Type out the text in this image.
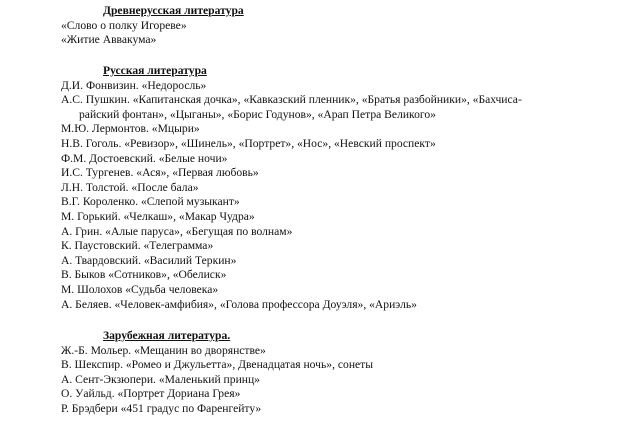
Древнерусская литература
«Слово о полку Игореве»
«Житие Аввакума»
Русская литература
Д.И. Фонвизин. «Недоросль»
А.С. Пушкин. «Капитанская дочка», «Кавказский пленник», «Братья разбойники», «Бахчиса-
райский фонтан», «Цыганы», «Борис Годунов», «Арап Петра Великого»
М.Ю. Лермонтов. «Мцыри»
Н.В. Гоголь. «Ревизор», «Шинель», «Портрет», «Нос», «Невский проспект»
Ф.М. Достоевский. «Белые ночи»
И.С. Тургенев. «Ася», «Первая любовь»
Л.Н. Толстой. «После бала»
В.Г. Короленко. «Слепой музыкант»
М. Горький. «Челкаш», «Макар Чудра»
А. Грин. «Алые паруса», «Бегущая по волнам»
К. Паустовский. «Телеграмма»
А. Твардовский. «Василий Теркин»
В. Быков «Сотников», «Обелиск»
М. Шолохов «Судьба человека»
А. Беляев. «Человек-амфибия», «Голова профессора Доуэля», «Ариэль»
Зарубежная литература.
Ж.-Б. Мольер. «Мещанин во дворянстве»
В. Шекспир. «Ромео и Джульетта», Двенадцатая ночь», сонеты
А. Сент-Экзюпери. «Маленький принц»
О. Уайльд. «Портрет Дориана Грея»
Р. Брэдбери «451 градус по Фаренгейту»
